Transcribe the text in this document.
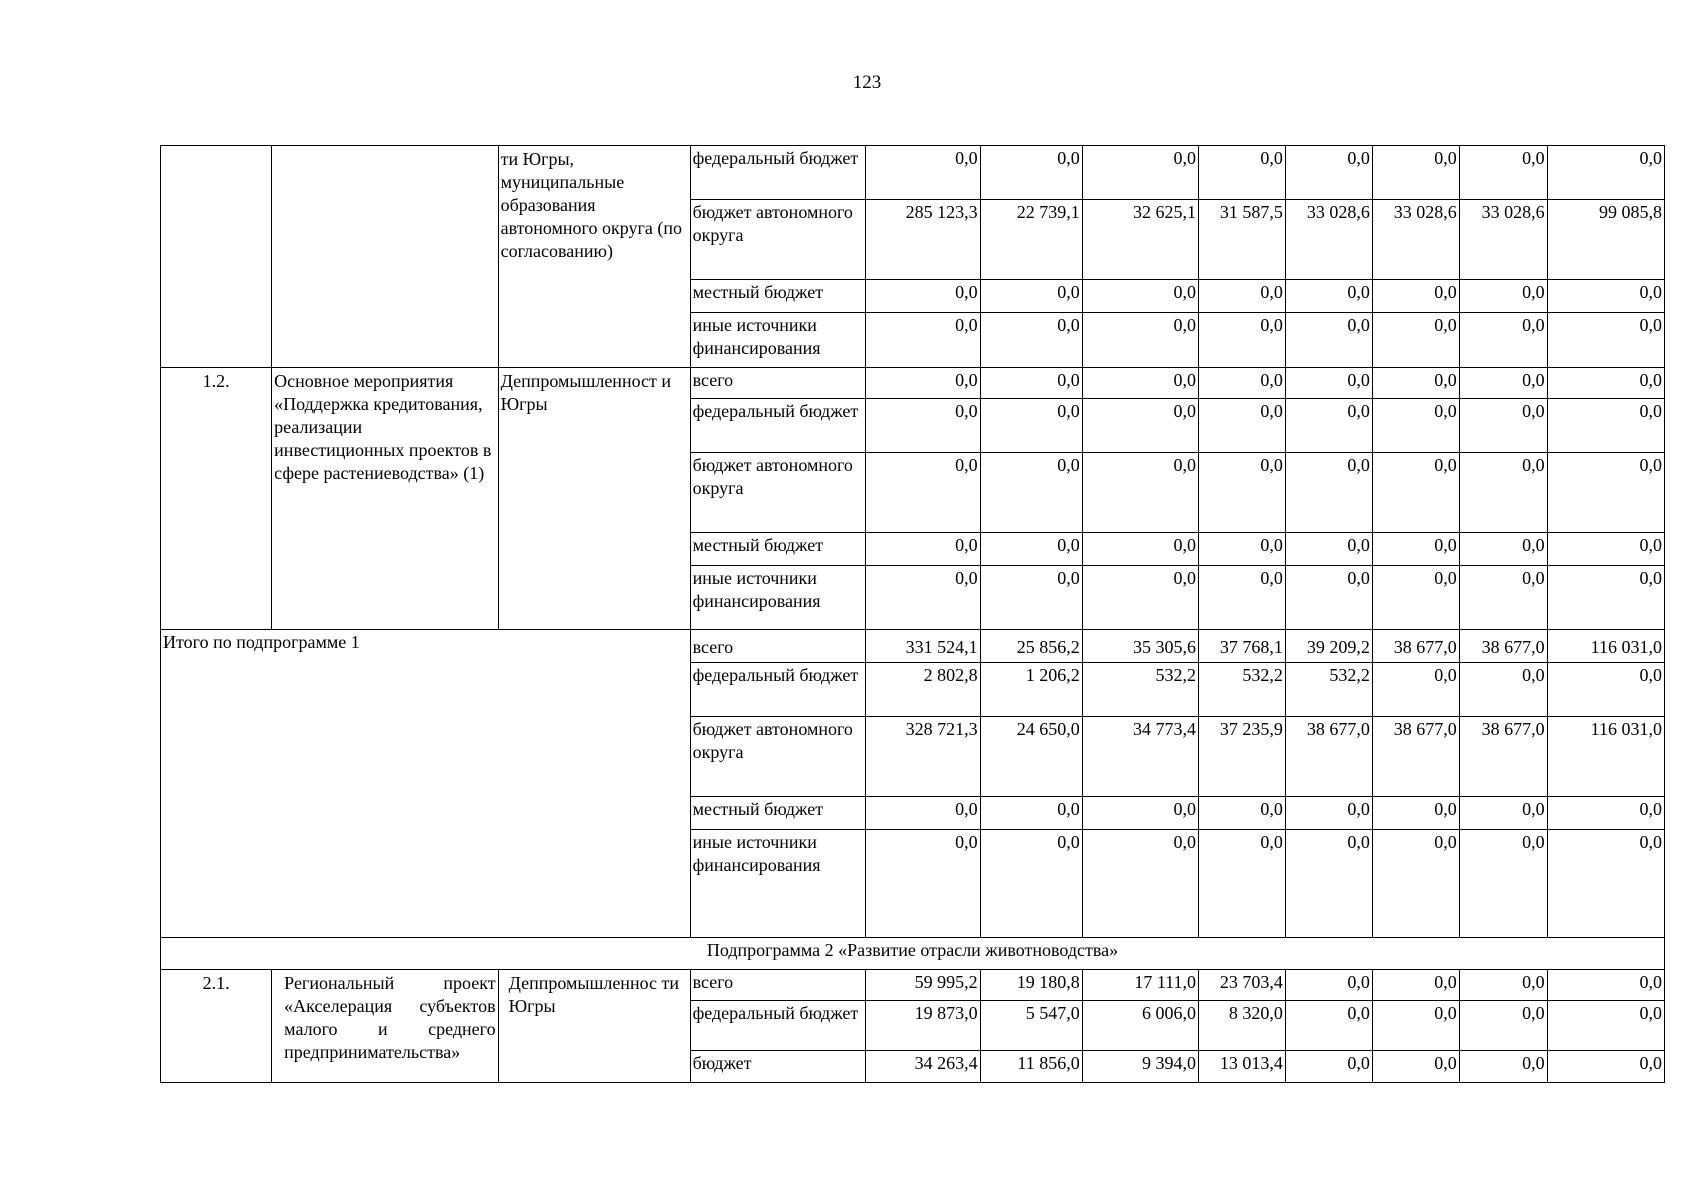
123
		ти Югры, муниципальные образования автономного округа (по согласованию)	федеральный бюджет	0,0	0,0	0,0	0,0	0,0	0,0	0,0	0,0
			бюджет автономного округа	285 123,3	22 739,1	32 625,1	31 587,5	33 028,6	33 028,6	33 028,6	99 085,8
			местный бюджет	0,0	0,0	0,0	0,0	0,0	0,0	0,0	0,0
			иные источники финансирования	0,0	0,0	0,0	0,0	0,0	0,0	0,0	0,0
1.2.	Основное мероприятия «Поддержка кредитования, реализации инвестиционных проектов в сфере растениеводства» (1)	Деппромышленност и Югры	всего	0,0	0,0	0,0	0,0	0,0	0,0	0,0	0,0
			федеральный бюджет	0,0	0,0	0,0	0,0	0,0	0,0	0,0	0,0
			бюджет автономного округа	0,0	0,0	0,0	0,0	0,0	0,0	0,0	0,0
			местный бюджет	0,0	0,0	0,0	0,0	0,0	0,0	0,0	0,0
			иные источники финансирования	0,0	0,0	0,0	0,0	0,0	0,0	0,0	0,0
Итого по подпрограмме 1			всего	331 524,1	25 856,2	35 305,6	37 768,1	39 209,2	38 677,0	38 677,0	116 031,0
			федеральный бюджет	2 802,8	1 206,2	532,2	532,2	532,2	0,0	0,0	0,0
			бюджет автономного округа	328 721,3	24 650,0	34 773,4	37 235,9	38 677,0	38 677,0	38 677,0	116 031,0
			местный бюджет	0,0	0,0	0,0	0,0	0,0	0,0	0,0	0,0
			иные источники финансирования	0,0	0,0	0,0	0,0	0,0	0,0	0,0	0,0
Подпрограмма 2 «Развитие отрасли животноводства»											
2.1.	Региональный проект «Акселерация субъектов малого и среднего предпринимательства»	Деппромышленнос ти Югры	всего	59 995,2	19 180,8	17 111,0	23 703,4	0,0	0,0	0,0	0,0
			федеральный бюджет	19 873,0	5 547,0	6 006,0	8 320,0	0,0	0,0	0,0	0,0
			бюджет	34 263,4	11 856,0	9 394,0	13 013,4	0,0	0,0	0,0	0,0
